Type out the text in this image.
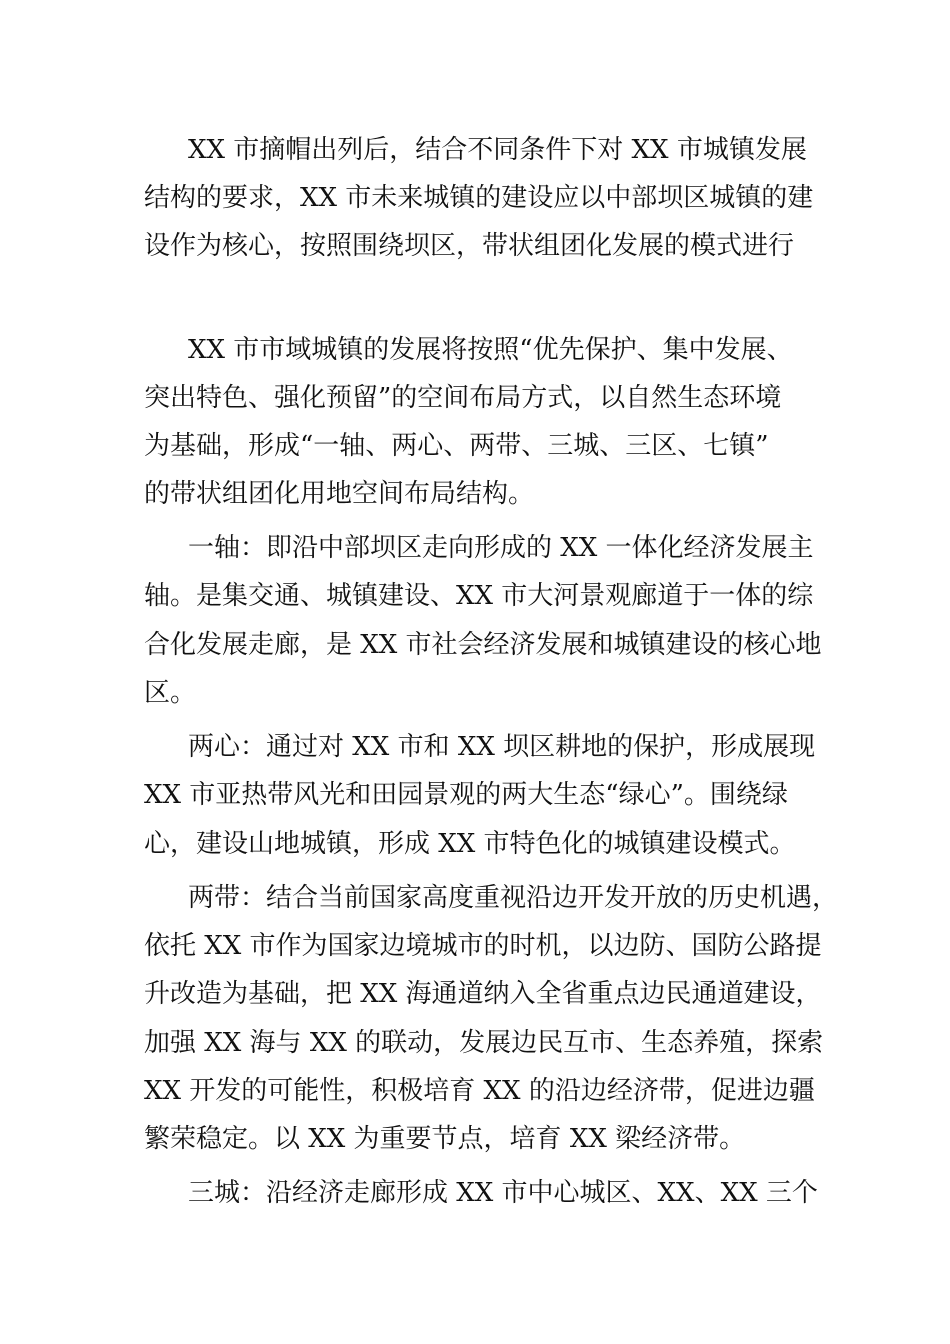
XX 市摘帽出列后，结合不同条件下对 XX 市城镇发展
结构的要求，XX 市未来城镇的建设应以中部坝区城镇的建
设作为核心，按照围绕坝区，带状组团化发展的模式进行
XX 市市域城镇的发展将按照“优先保护、集中发展、
突出特色、强化预留”的空间布局方式，以自然生态环境
为基础，形成“一轴、两心、两带、三城、三区、七镇”
的带状组团化用地空间布局结构。
一轴：即沿中部坝区走向形成的 XX 一体化经济发展主
轴。是集交通、城镇建设、XX 市大河景观廊道于一体的综
合化发展走廊，是 XX 市社会经济发展和城镇建设的核心地
区。
两心：通过对 XX 市和 XX 坝区耕地的保护，形成展现
XX 市亚热带风光和田园景观的两大生态“绿心”。围绕绿
心，建设山地城镇，形成 XX 市特色化的城镇建设模式。
两带：结合当前国家高度重视沿边开发开放的历史机遇，
依托 XX 市作为国家边境城市的时机，以边防、国防公路提
升改造为基础，把 XX 海通道纳入全省重点边民通道建设，
加强 XX 海与 XX 的联动，发展边民互市、生态养殖，探索
XX 开发的可能性，积极培育 XX 的沿边经济带，促进边疆
繁荣稳定。以 XX 为重要节点，培育 XX 梁经济带。
三城：沿经济走廊形成 XX 市中心城区、XX、XX 三个
